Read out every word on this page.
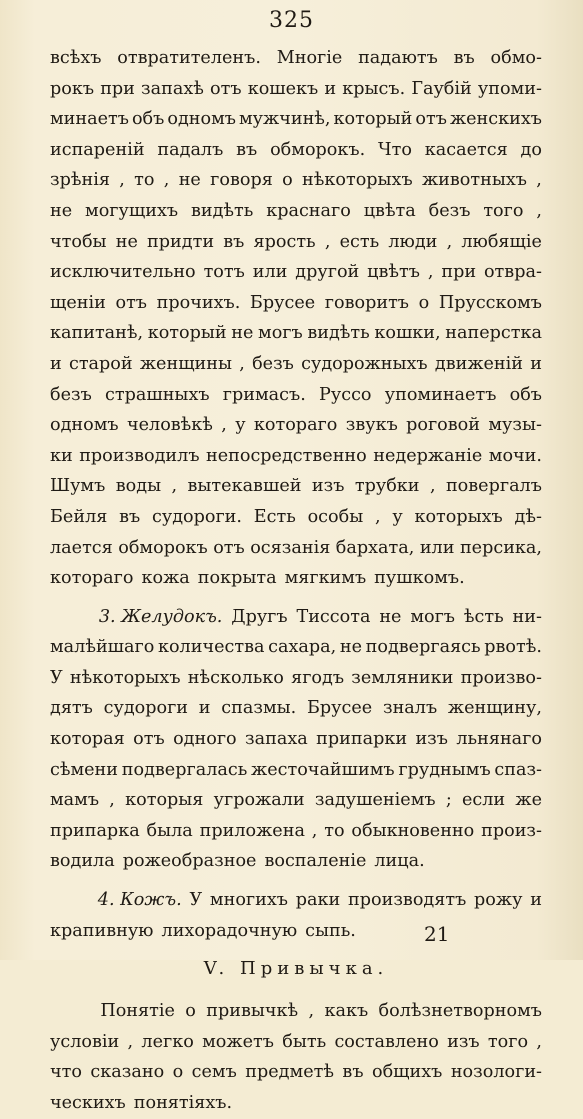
325
всѣхъ отвратителенъ. Многіе падаютъ въ обмо-
рокъ при запахѣ отъ кошекъ и крысъ. Гаубій упоми-
минаетъ объ одномъ мужчинѣ, который отъ женскихъ
испареній падалъ въ обморокъ. Что касается до
зрѣнія , то , не говоря о нѣкоторыхъ животныхъ ,
не могущихъ видѣть краснаго цвѣта безъ того ,
чтобы не придти въ ярость , есть люди , любящіе
исключительно тотъ или другой цвѣтъ , при отвра-
щеніи отъ прочихъ. Брусее говоритъ о Прусскомъ
капитанѣ, который не могъ видѣть кошки, наперстка
и старой женщины , безъ судорожныхъ движеній и
безъ страшныхъ гримасъ. Руссо упоминаетъ объ
одномъ человѣкѣ , у котораго звукъ роговой музы-
ки производилъ непосредственно недержаніе мочи.
Шумъ воды , вытекавшей изъ трубки , повергалъ
Бейля въ судороги. Есть особы , у которыхъ дѣ-
лается обморокъ отъ осязанія бархата, или персика,
котораго кожа покрыта мягкимъ пушкомъ.
3. Желудокъ. Другъ Тиссота не могъ ѣсть ни-
малѣйшаго количества сахара, не подвергаясь рвотѣ.
У нѣкоторыхъ нѣсколько ягодъ земляники произво-
дятъ судороги и спазмы. Брусее зналъ женщину,
которая отъ одного запаха припарки изъ льнянаго
сѣмени подвергалась жесточайшимъ груднымъ спаз-
мамъ , которыя угрожали задушеніемъ ; если же
припарка была приложена , то обыкновенно произ-
водила рожеобразное воспаленіе лица.
4. Кожъ. У многихъ раки производятъ рожу и
крапивную лихорадочную сыпь.
V. Привычка.
Понятіе о привычкѣ , какъ болѣзнетворномъ
условіи , легко можетъ быть составлено изъ того ,
что сказано о семъ предметѣ въ общихъ нозологи-
ческихъ понятіяхъ.
21
